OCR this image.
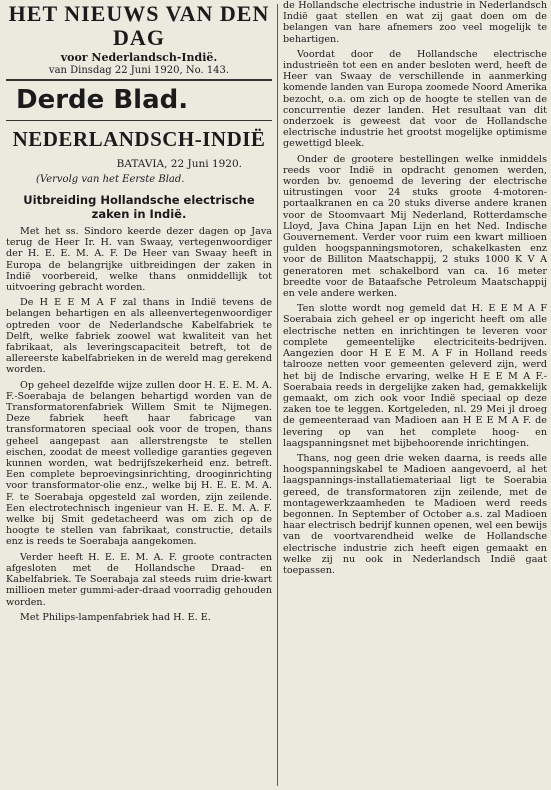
HET NIEUWS VAN DEN DAG
voor Nederlandsch-Indië.
van Dinsdag 22 Juni 1920, No. 143.
Derde Blad.
NEDERLANDSCH-INDIË
BATAVIA, 22 Juni 1920.
(Vervolg van het Eerste Blad.
Uitbreiding Hollandsche electrische zaken in Indië.

Met het ss. Sindoro keerde dezer dagen op Java terug de Heer Ir. H. van Swaay, vertegenwoordiger der H. E. E. M. A. F. De Heer van Swaay heeft in Europa de belangrijke uitbreidingen der zaken in Indië voorbereid, welke thans onmiddellijk tot uitvoering gebracht worden.

De H E E M A F zal thans in Indië tevens de belangen behartigen en als alleenvertegenwoordiger optreden voor de Nederlandsche Kabelfabriek te Delft, welke fabriek zoowel wat kwaliteit van het fabrikaat, als leveringscapaciteit betreft, tot de allereerste kabelfabrieken in de wereld mag gerekend worden.

Op geheel dezelfde wijze zullen door H. E. E. M. A. F.-Soerabaja de belangen behartigd worden van de Transformatorenfabriek Willem Smit te Nijmegen. Deze fabriek heeft haar fabricage van transformatoren speciaal ook voor de tropen, thans geheel aangepast aan allerstrengste te stellen eischen, zoodat de meest volledige garanties gegeven kunnen worden, wat bedrijfszekerheid enz. betreft. Een complete beproevingsinrichting, drooginrichting voor transformator-olie enz., welke bij H. E. E. M. A. F. te Soerabaja opgesteld zal worden, zijn zeilende. Een electrotechnisch ingenieur van H. E. E. M. A. F. welke bij Smit gedetacheerd was om zich op de hoogte te stellen van fabrikaat, constructie, details enz is reeds te Soerabaja aangekomen.

Verder heeft H. E. E. M. A. F. groote contracten afgesloten met de Hollandsche Draad- en Kabelfabriek. Te Soerabaja zal steeds ruim drie-kwart millioen meter gummi-ader-draad voorradig gehouden worden.

Met Philips-lampenfabriek had H. E. E.

de Hollandsche electrische industrie in Nederlandsch Indië gaat stellen en wat zij gaat doen om de belangen van hare afnemers zoo veel mogelijk te behartigen.

Voordat door de Hollandsche electrische industrieën tot een en ander besloten werd, heeft de Heer van Swaay de verschillende in aanmerking komende landen van Europa zoomede Noord Amerika bezocht, o.a. om zich op de hoogte te stellen van de concurrentie dezer landen. Het resultaat van dit onderzoek is geweest dat voor de Hollandsche electrische industrie het grootst mogelijke optimisme gewettigd bleek.

Onder de grootere bestellingen welke inmiddels reeds voor Indië in opdracht genomen werden, worden bv. genoemd de levering der electrische uitrustingen voor 24 stuks groote 4-motoren-portaalkranen en ca 20 stuks diverse andere kranen voor de Stoomvaart Mij Nederland, Rotterdamsche Lloyd, Java China Japan Lijn en het Ned. Indische Gouvernement. Verder voor ruim een kwart millioen gulden hoogspanningsmotoren, schakelkasten enz voor de Billiton Maatschappij, 2 stuks 1000 K V A generatoren met schakelbord van ca. 16 meter breedte voor de Bataafsche Petroleum Maatschappij en vele andere werken.

Ten slotte wordt nog gemeld dat H. E E M A F Soerabaia zich geheel er op ingericht heeft om alle electrische netten en inrichtingen te leveren voor complete gemeentelijke electriciteits-bedrijven. Aangezien door H E E M. A F in Holland reeds talrooze netten voor gemeenten geleverd zijn, werd het bij de Indische ervaring, welke H E E M A F.-Soerabaia reeds in dergelijke zaken had, gemakkelijk gemaakt, om zich ook voor Indië speciaal op deze zaken toe te leggen. Kortgeleden, nl. 29 Mei jl droeg de gemeenteraad van Madioen aan H E E M A F. de levering op van het complete hoog- en laagspanningsnet met bijbehoorende inrichtingen.

Thans, nog geen drie weken daarna, is reeds alle hoogspanningskabel te Madioen aangevoerd, al het laagspannings-installatiemateriaal ligt te Soerabia gereed, de transformatoren zijn zeilende, met de montagewerkzaamheden te Madioen werd reeds begonnen. In September of October a.s. zal Madioen haar electrisch bedrijf kunnen openen, wel een bewijs van de voortvarendheid welke de Hollandsche electrische industrie zich heeft eigen gemaakt en welke zij nu ook in Nederlandsch Indië gaat toepassen.
